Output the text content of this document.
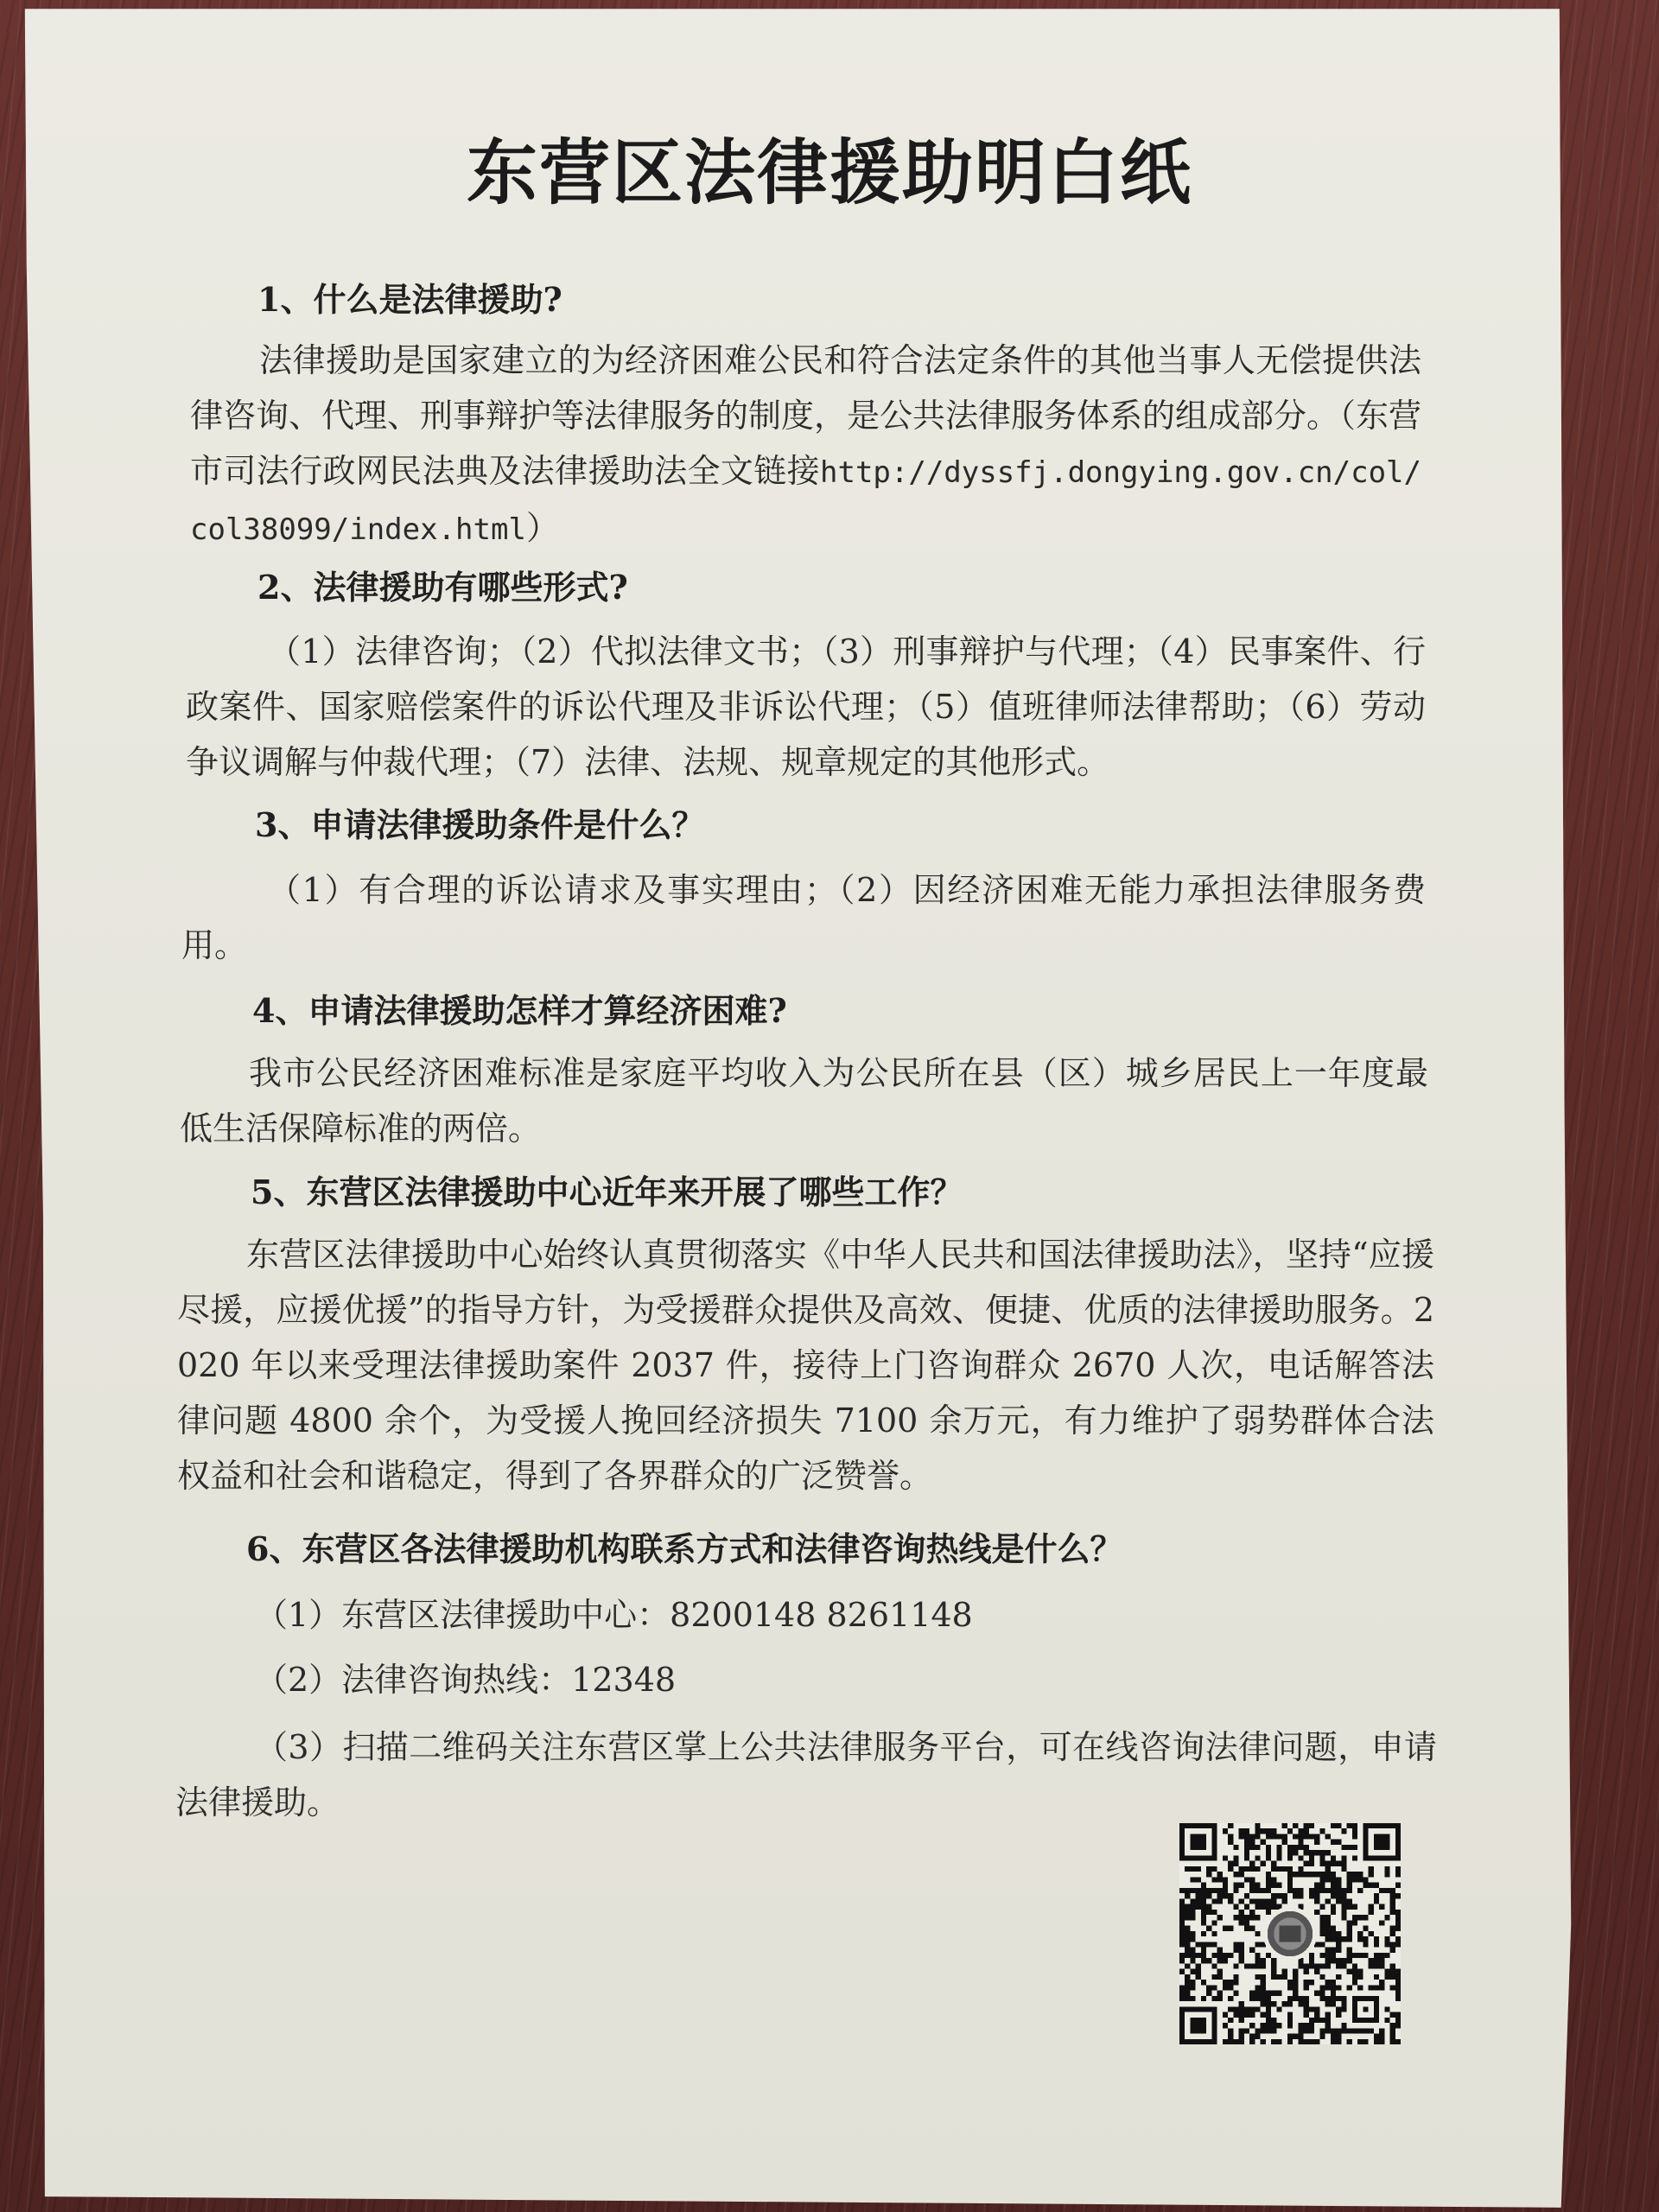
东营区法律援助明白纸
1、什么是法律援助?
法律援助是国家建立的为经济困难公民和符合法定条件的其他当事人无偿提供法律咨询、代理、刑事辩护等法律服务的制度，是公共法律服务体系的组成部分。（东营市司法行政网民法典及法律援助法全文链接http://dyssfj.dongying.gov.cn/col/col38099/index.html）
2、法律援助有哪些形式?
（1）法律咨询；（2）代拟法律文书；（3）刑事辩护与代理；（4）民事案件、行政案件、国家赔偿案件的诉讼代理及非诉讼代理；（5）值班律师法律帮助；（6）劳动争议调解与仲裁代理；（7）法律、法规、规章规定的其他形式。
3、申请法律援助条件是什么？
（1）有合理的诉讼请求及事实理由；（2）因经济困难无能力承担法律服务费用。
4、申请法律援助怎样才算经济困难?
我市公民经济困难标准是家庭平均收入为公民所在县（区）城乡居民上一年度最低生活保障标准的两倍。
5、东营区法律援助中心近年来开展了哪些工作？
东营区法律援助中心始终认真贯彻落实《中华人民共和国法律援助法》，坚持“应援尽援，应援优援”的指导方针，为受援群众提供及高效、便捷、优质的法律援助服务。2020 年以来受理法律援助案件 2037 件，接待上门咨询群众 2670 人次，电话解答法律问题 4800 余个，为受援人挽回经济损失 7100 余万元，有力维护了弱势群体合法权益和社会和谐稳定，得到了各界群众的广泛赞誉。
6、东营区各法律援助机构联系方式和法律咨询热线是什么？
（1）东营区法律援助中心：8200148 8261148
（2）法律咨询热线：12348
（3）扫描二维码关注东营区掌上公共法律服务平台，可在线咨询法律问题，申请法律援助。
